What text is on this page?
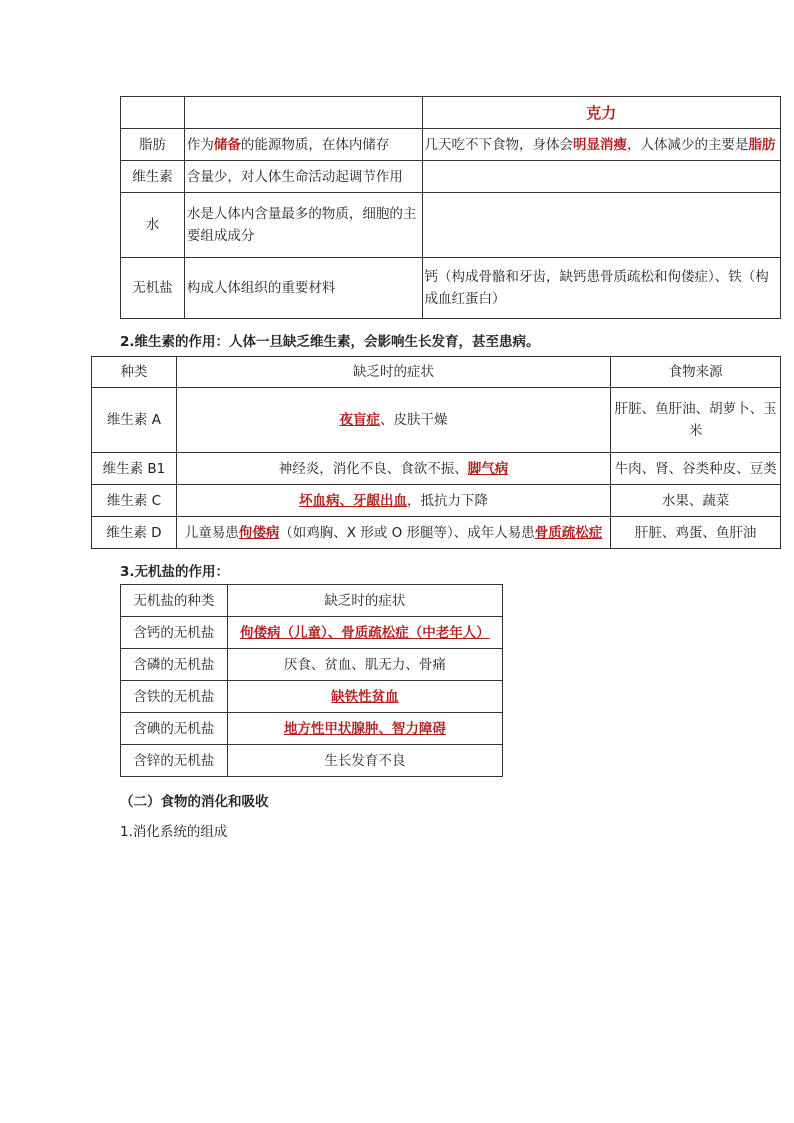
		克力
脂肪	作为储备的能源物质，在体内储存	几天吃不下食物，身体会明显消瘦，人体减少的主要是脂肪
维生素	含量少，对人体生命活动起调节作用	
水	水是人体内含量最多的物质，细胞的主要组成成分	
无机盐	构成人体组织的重要材料	钙（构成骨骼和牙齿，缺钙患骨质疏松和佝偻症）、铁（构成血红蛋白）
2.维生素的作用：人体一旦缺乏维生素，会影响生长发育，甚至患病。
种类	缺乏时的症状	食物来源
维生素 A	夜盲症、皮肤干燥	肝脏、鱼肝油、胡萝卜、玉米
维生素 B1	神经炎，消化不良、食欲不振、脚气病	牛肉、肾、谷类种皮、豆类
维生素 C	坏血病、牙龈出血，抵抗力下降	水果、蔬菜
维生素 D	儿童易患佝偻病（如鸡胸、X 形或 O 形腿等）、成年人易患骨质疏松症	肝脏、鸡蛋、鱼肝油
3.无机盐的作用：
无机盐的种类	缺乏时的症状
含钙的无机盐	佝偻病（儿童）、骨质疏松症（中老年人）
含磷的无机盐	厌食、贫血、肌无力、骨痛
含铁的无机盐	缺铁性贫血
含碘的无机盐	地方性甲状腺肿、智力障碍
含锌的无机盐	生长发育不良
（二）食物的消化和吸收
1.消化系统的组成
